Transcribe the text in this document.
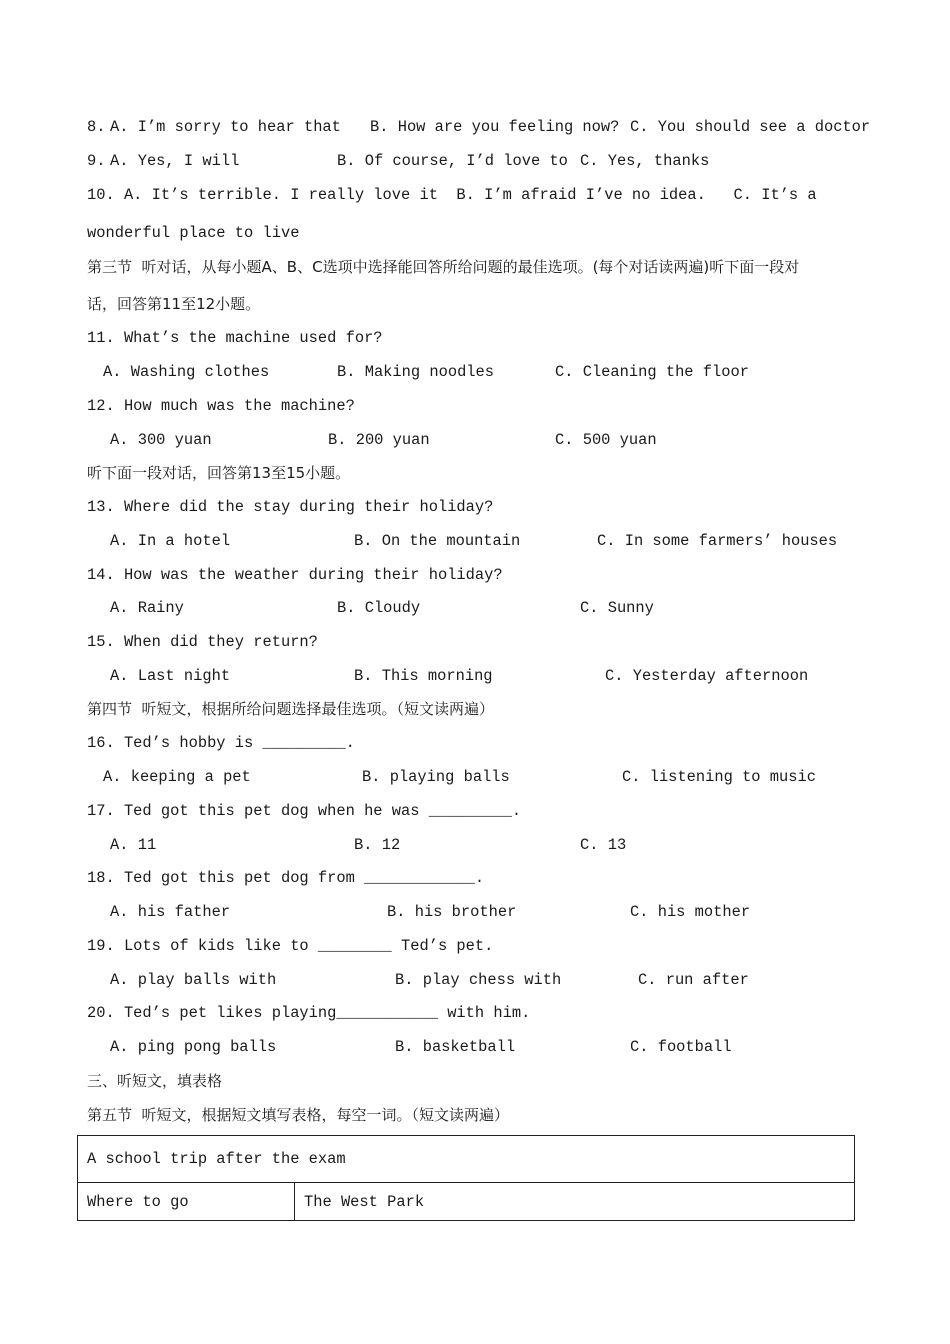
8. A. I’m sorry to hear that B. How are you feeling now? C. You should see a doctor
9. A. Yes, I will	B. Of course, I’d love to C. Yes, thanks
10. A. It’s terrible. I really love it  B. I’m afraid I’ve no idea.   C. It’s a
wonderful place to live
第三节  听对话，从每小题A、B、C选项中选择能回答所给问题的最佳选项。(每个对话读两遍)听下面一段对
话，回答第11至12小题。
11. What’s the machine used for?
A. Washing clothes	B. Making noodles	C. Cleaning the floor
12. How much was the machine?
A. 300 yuan	B. 200 yuan	C. 500 yuan
听下面一段对话，回答第13至15小题。
13. Where did the stay during their holiday?
A. In a hotel	B. On the mountain	C. In some farmers’ houses
14. How was the weather during their holiday?
A. Rainy	B. Cloudy	C. Sunny
15. When did they return?
A. Last night	B. This morning	C. Yesterday afternoon
第四节  听短文，根据所给问题选择最佳选项。（短文读两遍）
16. Ted’s hobby is _________.
A. keeping a pet	B. playing balls	C. listening to music
17. Ted got this pet dog when he was _________.
A. 11	B. 12	C. 13
18. Ted got this pet dog from ____________.
A. his father	B. his brother	C. his mother
19. Lots of kids like to ________ Ted’s pet.
A. play balls with	B. play chess with	C. run after
20. Ted’s pet likes playing___________ with him.
A. ping pong balls	B. basketball	C. football
三、听短文，填表格
第五节  听短文，根据短文填写表格，每空一词。（短文读两遍）
A school trip after the exam
Where to go	The West Park
